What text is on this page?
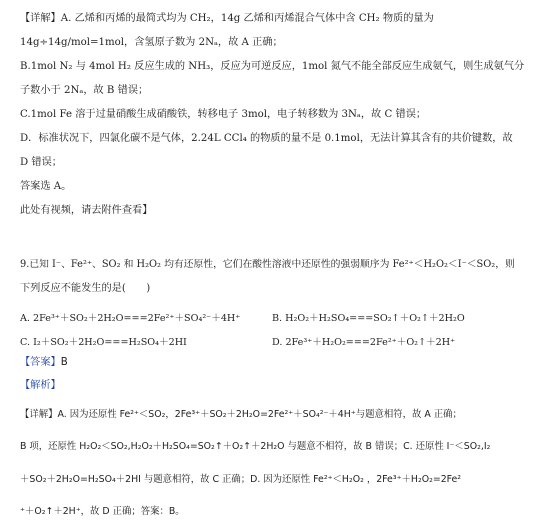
【详解】A. 乙烯和丙烯的最简式均为 CH₂，14g 乙烯和丙烯混合气体中含 CH₂ 物质的量为
14g÷14g/mol=1mol，含氢原子数为 2Nₐ，故 A 正确；
B.1mol N₂ 与 4mol H₂ 反应生成的 NH₃，反应为可逆反应，1mol 氮气不能全部反应生成氨气，则生成氨气分
子数小于 2Nₐ，故 B 错误；
C.1mol Fe 溶于过量硝酸生成硝酸铁，转移电子 3mol，电子转移数为 3Nₐ，故 C 错误；
D．标准状况下，四氯化碳不是气体，2.24L CCl₄ 的物质的量不是 0.1mol，无法计算其含有的共价键数，故
D 错误；
答案选 A。
此处有视频，请去附件查看】
9.已知 I⁻、Fe²⁺、SO₂ 和 H₂O₂ 均有还原性，它们在酸性溶液中还原性的强弱顺序为 Fe²⁺＜H₂O₂＜I⁻＜SO₂，则
下列反应不能发生的是(　　)
A. 2Fe³⁺＋SO₂＋2H₂O===2Fe²⁺＋SO₄²⁻＋4H⁺	B. H₂O₂＋H₂SO₄===SO₂↑＋O₂↑＋2H₂O
C. I₂＋SO₂＋2H₂O===H₂SO₄＋2HI	D. 2Fe³⁺＋H₂O₂===2Fe²⁺＋O₂↑＋2H⁺
【答案】B
【解析】
【详解】A. 因为还原性 Fe²⁺＜SO₂，2Fe³⁺＋SO₂＋2H₂O=2Fe²⁺＋SO₄²⁻＋4H⁺与题意相符，故 A 正确；
B 项，还原性 H₂O₂＜SO₂,H₂O₂＋H₂SO₄=SO₂↑＋O₂↑＋2H₂O 与题意不相符，故 B 错误；C. 还原性 I⁻＜SO₂,I₂
＋SO₂＋2H₂O=H₂SO₄＋2HI 与题意相符，故 C 正确；D. 因为还原性 Fe²⁺＜H₂O₂ ，2Fe³⁺＋H₂O₂=2Fe²
⁺＋O₂↑＋2H⁺，故 D 正确；答案：B。
